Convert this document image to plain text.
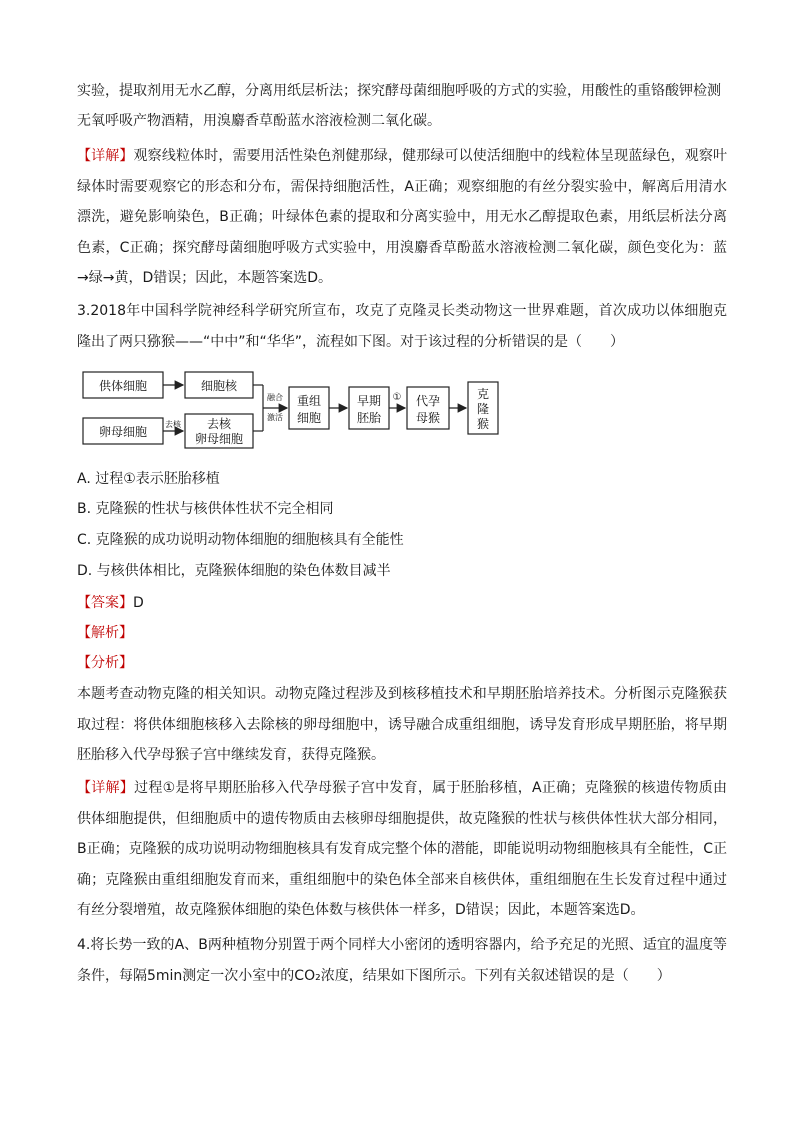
实验，提取剂用无水乙醇，分离用纸层析法；探究酵母菌细胞呼吸的方式的实验，用酸性的重铬酸钾检测

无氧呼吸产物酒精，用溴麝香草酚蓝水溶液检测二氧化碳。

【详解】观察线粒体时，需要用活性染色剂健那绿，健那绿可以使活细胞中的线粒体呈现蓝绿色，观察叶绿体时需要观察它的形态和分布，需保持细胞活性，A正确；观察细胞的有丝分裂实验中，解离后用清水漂洗，避免影响染色，B正确；叶绿体色素的提取和分离实验中，用无水乙醇提取色素，用纸层析法分离色素，C正确；探究酵母菌细胞呼吸方式实验中，用溴麝香草酚蓝水溶液检测二氧化碳，颜色变化为：蓝→绿→黄，D错误；因此，本题答案选D。

3.2018年中国科学院神经科学研究所宣布，攻克了克隆灵长类动物这一世界难题，首次成功以体细胞克隆出了两只猕猴——“中中”和“华华”，流程如下图。对于该过程的分析错误的是（　　）

供体细胞
卵母细胞
细胞核
去核
卵母细胞
去核
融合
激活
重组
细胞
早期
胚胎
① 代孕
母猴
克
隆
猴

A. 过程①表示胚胎移植

B. 克隆猴的性状与核供体性状不完全相同

C. 克隆猴的成功说明动物体细胞的细胞核具有全能性

D. 与核供体相比，克隆猴体细胞的染色体数目减半

【答案】D

【解析】

【分析】

本题考查动物克隆的相关知识。动物克隆过程涉及到核移植技术和早期胚胎培养技术。分析图示克隆猴获取过程：将供体细胞核移入去除核的卵母细胞中，诱导融合成重组细胞，诱导发育形成早期胚胎，将早期胚胎移入代孕母猴子宫中继续发育，获得克隆猴。

【详解】过程①是将早期胚胎移入代孕母猴子宫中发育，属于胚胎移植，A正确；克隆猴的核遗传物质由供体细胞提供，但细胞质中的遗传物质由去核卵母细胞提供，故克隆猴的性状与核供体性状大部分相同，B正确；克隆猴的成功说明动物细胞核具有发育成完整个体的潜能，即能说明动物细胞核具有全能性，C正确；克隆猴由重组细胞发育而来，重组细胞中的染色体全部来自核供体，重组细胞在生长发育过程中通过有丝分裂增殖，故克隆猴体细胞的染色体数与核供体一样多，D错误；因此，本题答案选D。

4.将长势一致的A、B两种植物分别置于两个同样大小密闭的透明容器内，给予充足的光照、适宜的温度等条件，每隔5min测定一次小室中的CO₂浓度，结果如下图所示。下列有关叙述错误的是（　　）
